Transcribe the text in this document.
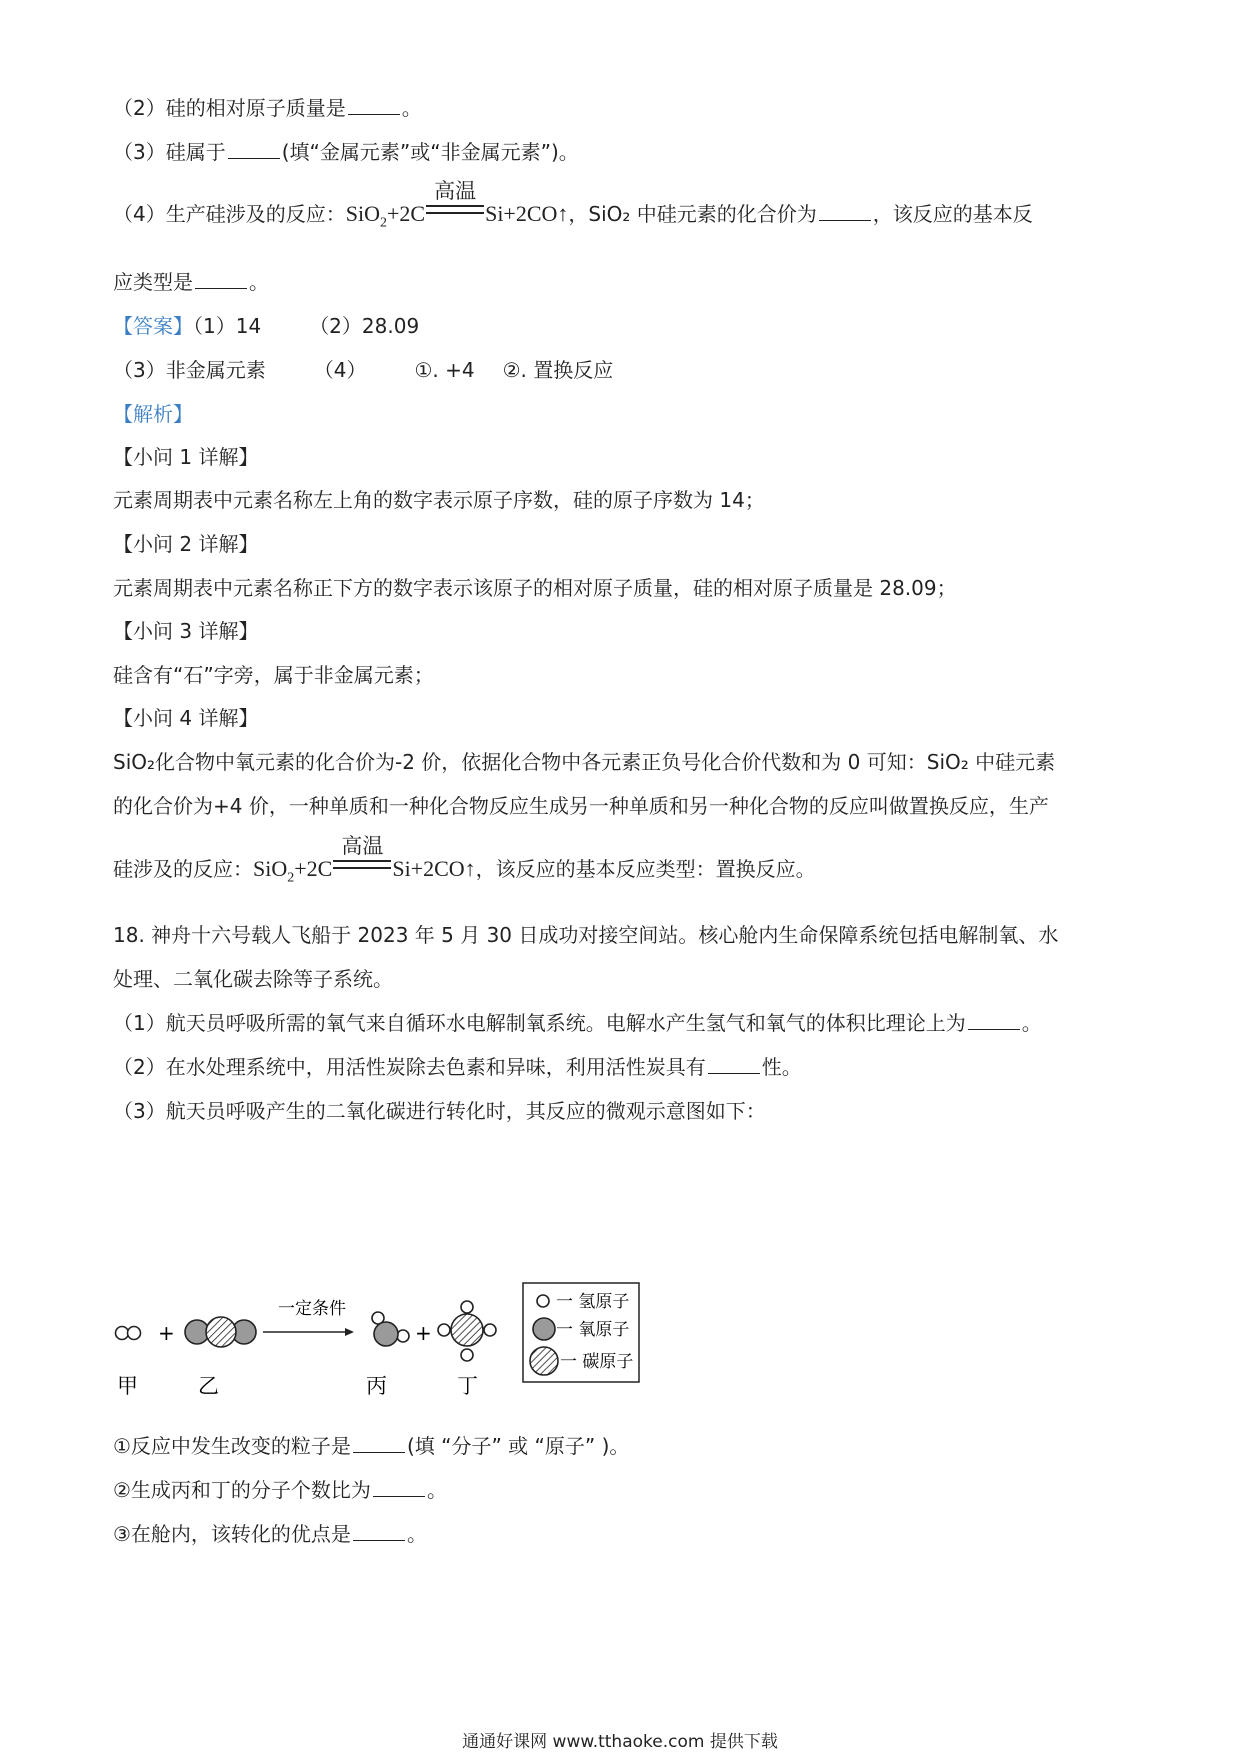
（2）硅的相对原子质量是	。
（3）硅属于	(填“金属元素”或“非金属元素”)。
（4）生产硅涉及的反应：SiO$_2$+2C
高温
Si+2CO↑，SiO₂ 中硅元素的化合价为	，该反应的基本反
应类型是	。
【答案】（1）14 （2）28.09
（3）非金属元素 （4） ①. +4 ②. 置换反应
【解析】
【小问 1 详解】
元素周期表中元素名称左上角的数字表示原子序数，硅的原子序数为 14；
【小问 2 详解】
元素周期表中元素名称正下方的数字表示该原子的相对原子质量，硅的相对原子质量是 28.09；
【小问 3 详解】
硅含有“石”字旁，属于非金属元素；
【小问 4 详解】
SiO₂化合物中氧元素的化合价为-2 价，依据化合物中各元素正负号化合价代数和为 0 可知：SiO₂ 中硅元素
的化合价为+4 价，一种单质和一种化合物反应生成另一种单质和另一种化合物的反应叫做置换反应，生产
硅涉及的反应：SiO$_2$+2C
高温
Si+2CO↑，该反应的基本反应类型：置换反应。
18. 神舟十六号载人飞船于 2023 年 5 月 30 日成功对接空间站。核心舱内生命保障系统包括电解制氧、水
处理、二氧化碳去除等子系统。
（1）航天员呼吸所需的氧气来自循环水电解制氧系统。电解水产生氢气和氧气的体积比理论上为	。
（2）在水处理系统中，用活性炭除去色素和异味，利用活性炭具有	性。
（3）航天员呼吸产生的二氧化碳进行转化时，其反应的微观示意图如下：
+
一定条件
+
一 氢原子
一 氧原子
一 碳原子
甲	乙	丙	丁
①反应中发生改变的粒子是	(填 “分子” 或 “原子” )。
②生成丙和丁的分子个数比为	。
③在舱内，该转化的优点是	。
通通好课网 www.tthaoke.com 提供下载
